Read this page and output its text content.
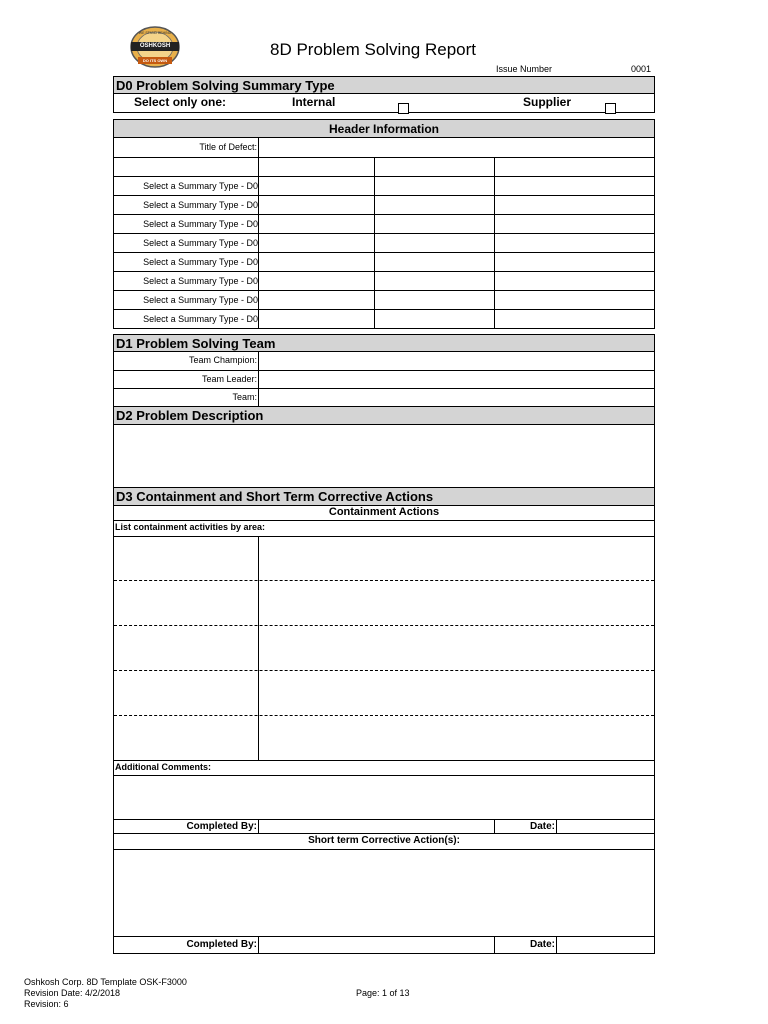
OSHKOSH
WE STAND BEHIND
DO ITS OWN
8D Problem Solving Report
Issue Number	0001
D0 Problem Solving Summary Type
Select only one:	Internal	Supplier
Header Information
Title of Defect:
Select a Summary Type - D0
Select a Summary Type - D0
Select a Summary Type - D0
Select a Summary Type - D0
Select a Summary Type - D0
Select a Summary Type - D0
Select a Summary Type - D0
Select a Summary Type - D0
D1 Problem Solving Team
Team Champion:
Team Leader:
Team:
D2 Problem Description
D3 Containment and Short Term Corrective Actions
Containment Actions
List containment activities by area:
Additional Comments:
Completed By:	Date:
Short term Corrective Action(s):
Completed By:	Date:
Oshkosh Corp. 8D Template OSK-F3000
Revision Date: 4/2/2018
Revision: 6
Page: 1 of 13
